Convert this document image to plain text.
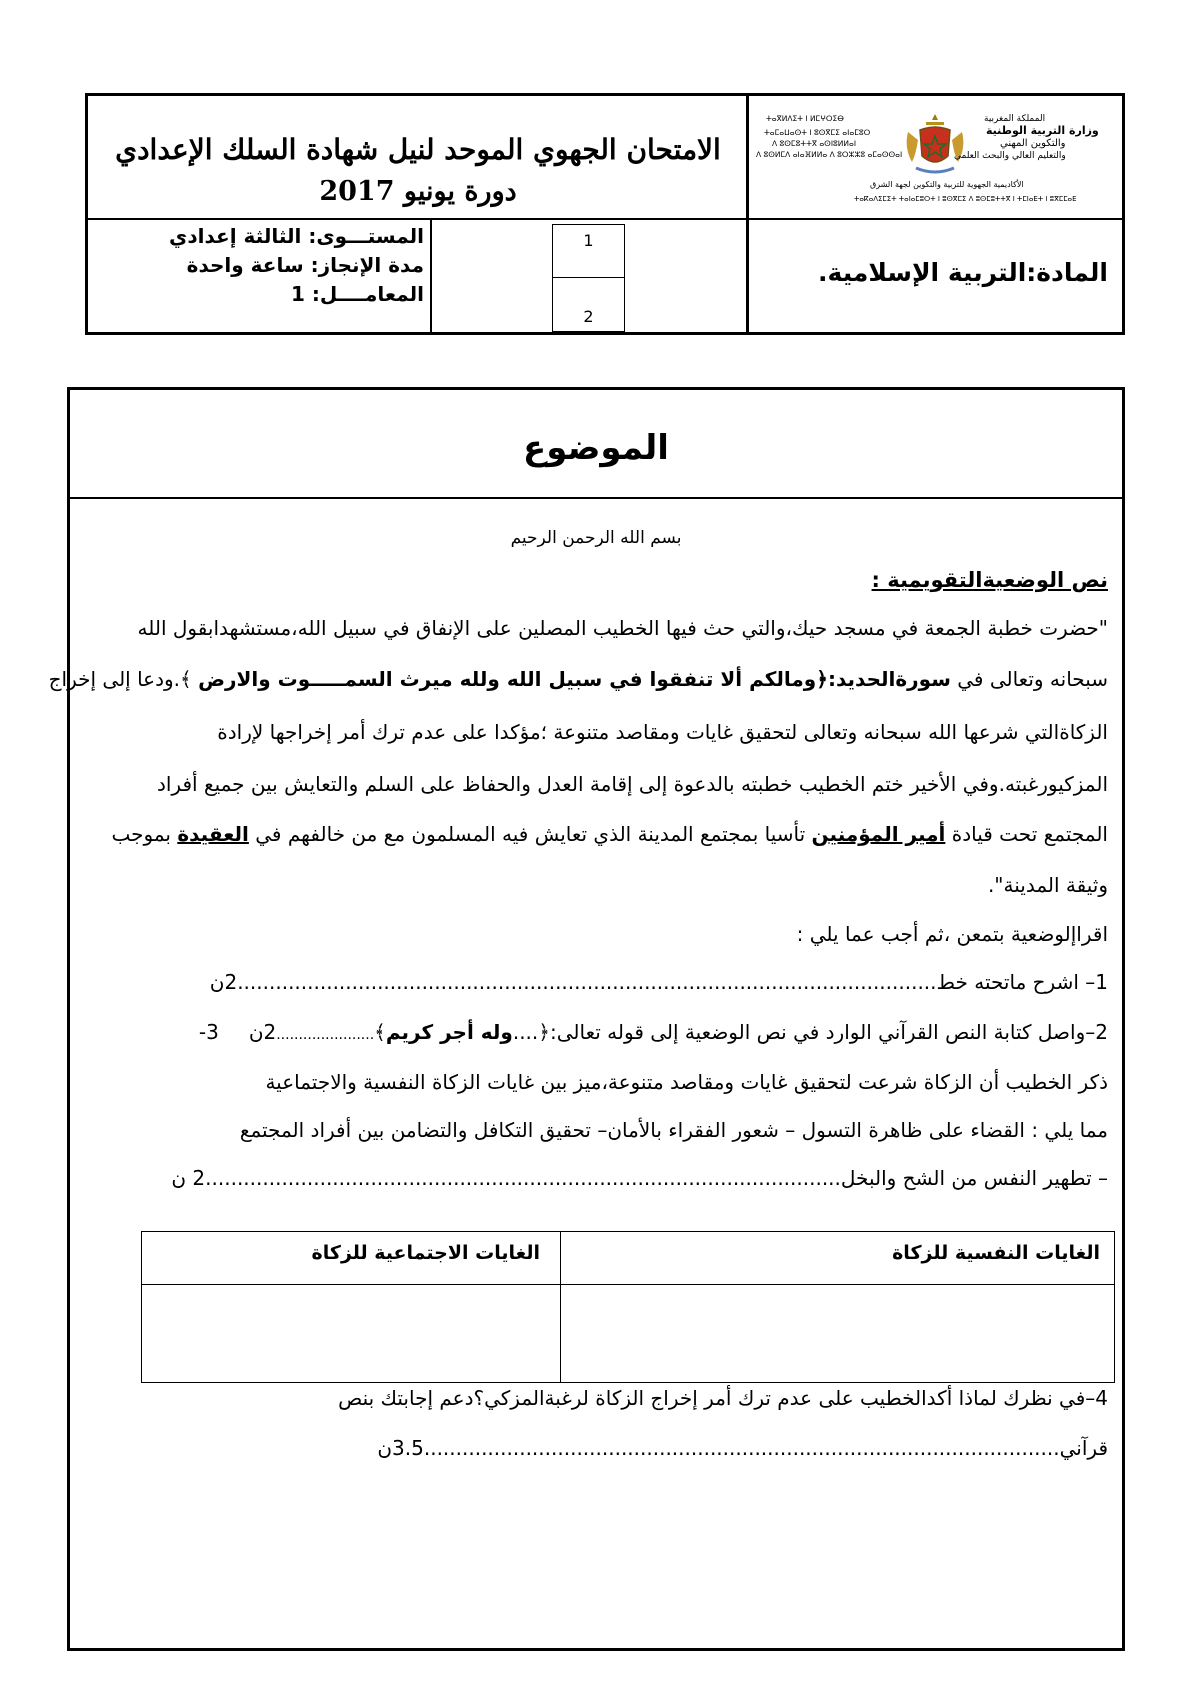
الامتحان الجهوي الموحد لنيل شهادة السلك الإعدادي
دورة يونيو 2017
ⵜⴰⴳⵍⴷⵉⵜ ⵏ ⵍⵎⵖⵔⵉⴱ
ⵜⴰⵎⴰⵡⴰⵙⵜ ⵏ ⵓⵙⴳⵎⵉ ⴰⵏⴰⵎⵓⵔ
ⴷ ⵓⵙⵎⵓⵜⵜⴳ ⴰⵙⵏⵓⵍⵍⴰⵏ
ⴷ ⵓⵙⵍⵎⴷ ⴰⵏⴰⴼⵍⵍⴰ ⴷ ⵓⵔⵣⵣⵓ ⴰⵎⴰⵙⵙⴰⵏ
المملكة المغربية
وزارة التربية الوطنية
والتكوين المهني
والتعليم العالي والبحث العلمي
الأكاديمية الجهوية للتربية والتكوين لجهة الشرق
ⵜⴰⴽⴰⴷⵉⵎⵉⵜ ⵜⴰⵏⴰⵎⵓⵔⵜ ⵏ ⵓⵙⴳⵎⵉ ⴷ ⵓⵙⵎⵓⵜⵜⴳ ⵏ ⵜⵎⵏⴰⴹⵜ ⵏ ⵓⴳⵎⵎⴰⴹ
المستـــوى: الثالثة إعدادي
مدة الإنجاز: ساعة واحدة
المعامــــل: 1
1
2
المادة:التربية الإسلامية.
الموضوع
بسم الله الرحمن الرحيم
نص الوضعيةالتقويمية :
"حضرت خطبة الجمعة في مسجد حيك،والتي حث فيها الخطيب المصلين على الإنفاق في سبيل الله،مستشهدابقول الله
سبحانه وتعالى في سورةالحديد:﴿ومالكم ألا تنفقوا في سبيل الله ولله ميرث السمـــــوت والارض ﴾.ودعا إلى إخراج
الزكاةالتي شرعها الله سبحانه وتعالى لتحقيق غايات ومقاصد متنوعة ؛مؤكدا على عدم ترك أمر إخراجها لإرادة
المزكيورغبته.وفي الأخير ختم الخطيب خطبته بالدعوة إلى إقامة العدل والحفاظ على السلم والتعايش بين جميع أفراد
المجتمع تحت قيادة أمير المؤمنين تأسيا بمجتمع المدينة الذي تعايش فيه المسلمون مع من خالفهم في العقيدة بموجب
وثيقة المدينة".
اقراإلوضعية بتمعن ،ثم أجب عما يلي :
1– اشرح ماتحته خط..............................................................................................................2ن
2–واصل كتابة النص القرآني الوارد في نص الوضعية إلى قوله تعالى:﴿....وله أجر كريم﴾......................2ن3-
ذكر الخطيب أن الزكاة شرعت لتحقيق غايات ومقاصد متنوعة،ميز بين غايات الزكاة النفسية والاجتماعية
مما يلي : القضاء على ظاهرة التسول – شعور الفقراء بالأمان– تحقيق التكافل والتضامن بين أفراد المجتمع
– تطهير النفس من الشح والبخل....................................................................................................2 ن
الغايات النفسية للزكاة
الغايات الاجتماعية للزكاة
4–في نظرك لماذا أكدالخطيب على عدم ترك أمر إخراج الزكاة لرغبةالمزكي؟دعم إجابتك بنص
قرآني....................................................................................................3.5ن
